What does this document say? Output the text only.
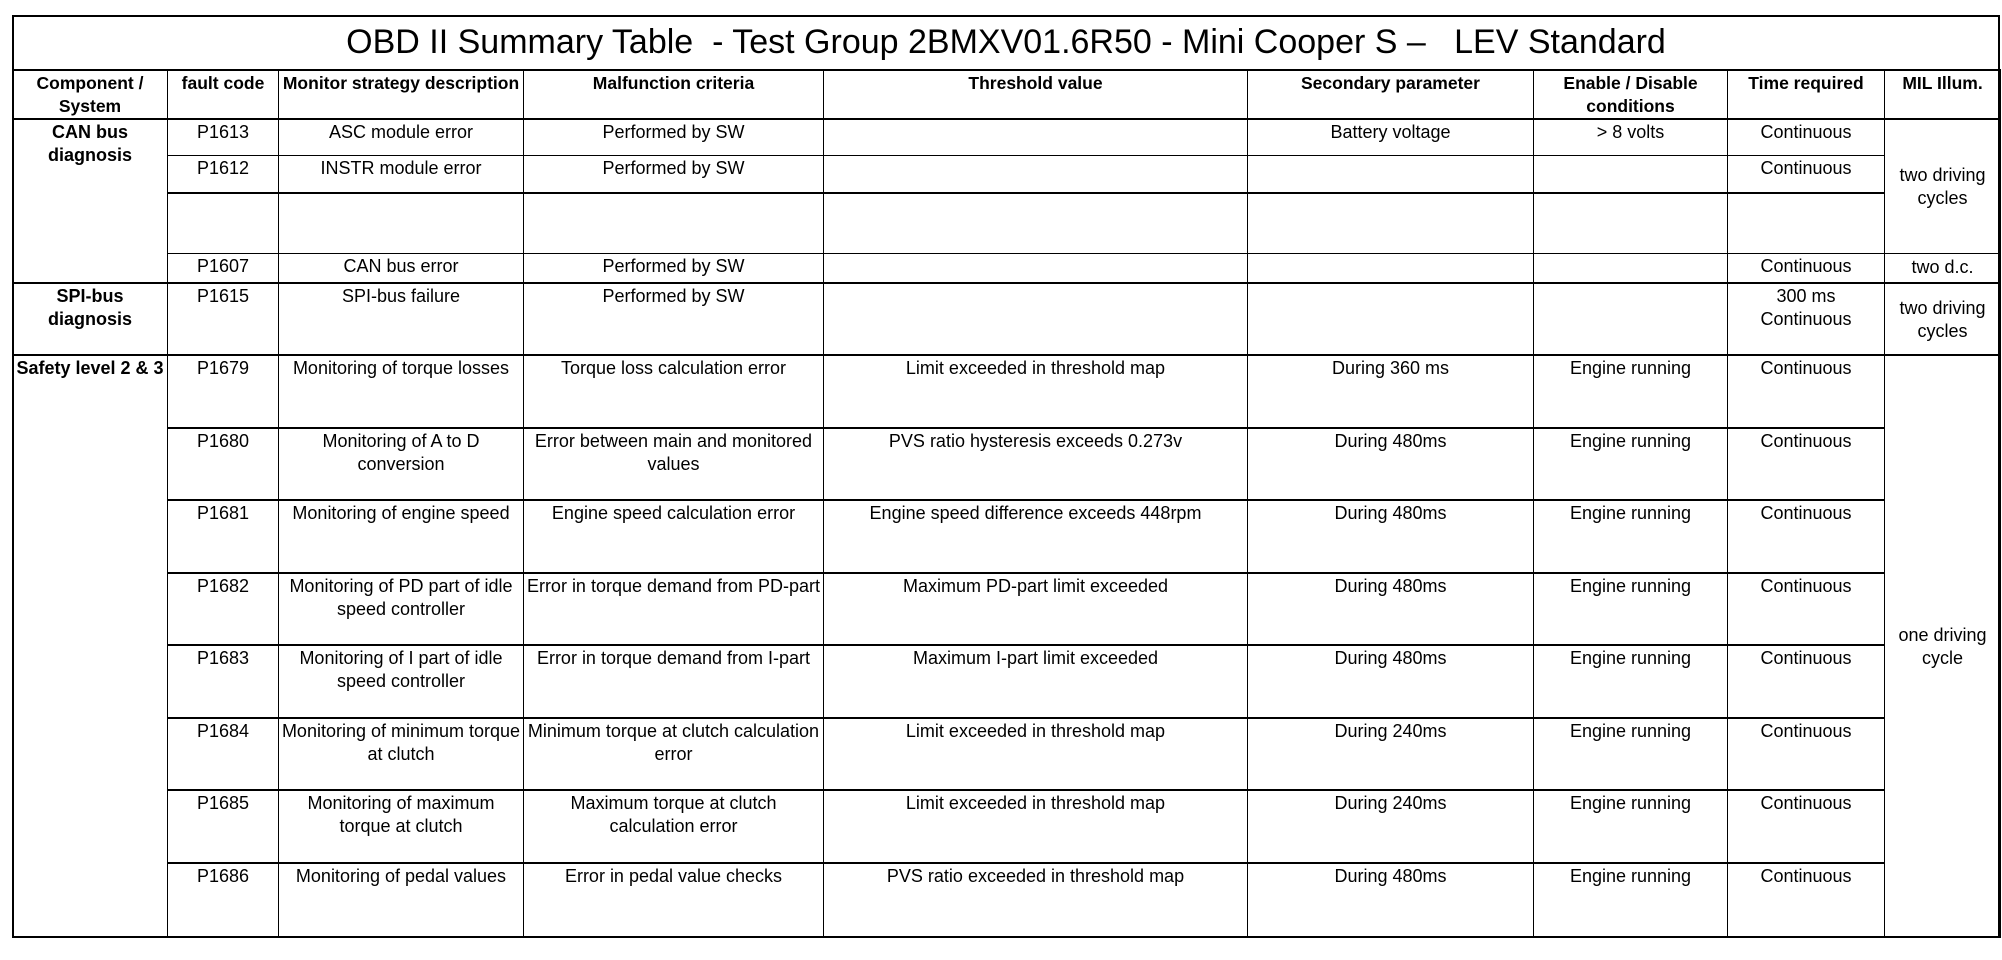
OBD II Summary Table  - Test Group 2BMXV01.6R50 - Mini Cooper S –   LEV Standard
Component / System	fault code	Monitor strategy description	Malfunction criteria	Threshold value	Secondary parameter	Enable / Disable conditions	Time required	MIL Illum.
CAN bus diagnosis	P1613	ASC module error	Performed by SW		Battery voltage	> 8 volts	Continuous	two driving cycles
	P1612	INSTR module error	Performed by SW				Continuous	

	P1607	CAN bus error	Performed by SW				Continuous	two d.c.
SPI-bus diagnosis	P1615	SPI-bus failure	Performed by SW				300 ms Continuous	two driving cycles
Safety level 2 & 3	P1679	Monitoring of torque losses	Torque loss calculation error	Limit exceeded in threshold map	During 360 ms	Engine running	Continuous	one driving cycle
	P1680	Monitoring of A to D conversion	Error between main and monitored values	PVS ratio hysteresis exceeds 0.273v	During 480ms	Engine running	Continuous	
	P1681	Monitoring of engine speed	Engine speed calculation error	Engine speed difference exceeds 448rpm	During 480ms	Engine running	Continuous	
	P1682	Monitoring of PD part of idle speed controller	Error in torque demand from PD-part	Maximum PD-part limit exceeded	During 480ms	Engine running	Continuous	
	P1683	Monitoring of I part of idle speed controller	Error in torque demand from I-part	Maximum I-part limit exceeded	During 480ms	Engine running	Continuous	
	P1684	Monitoring of minimum torque at clutch	Minimum torque at clutch calculation error	Limit exceeded in threshold map	During 240ms	Engine running	Continuous	
	P1685	Monitoring of maximum torque at clutch	Maximum torque at clutch calculation error	Limit exceeded in threshold map	During 240ms	Engine running	Continuous	
	P1686	Monitoring of pedal values	Error in pedal value checks	PVS ratio exceeded in threshold map	During 480ms	Engine running	Continuous	
